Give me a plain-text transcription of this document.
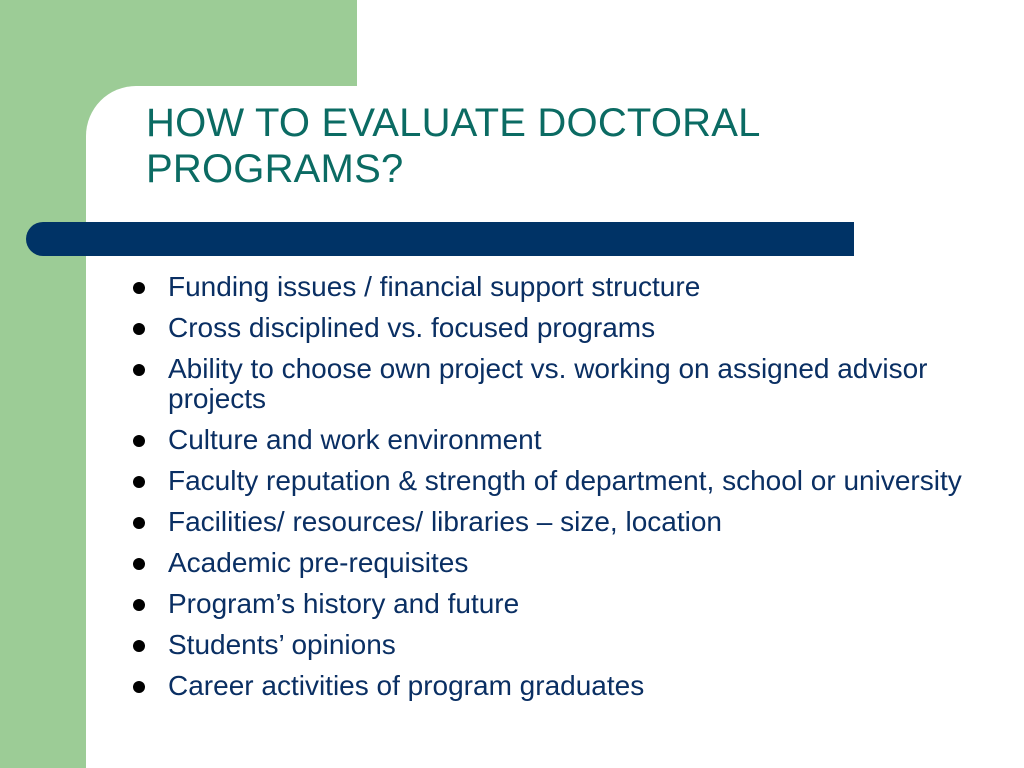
HOW TO EVALUATE DOCTORAL PROGRAMS?
Funding issues / financial support structure
Cross disciplined vs. focused programs
Ability to choose own project vs. working on assigned advisor projects
Culture and work environment
Faculty reputation & strength of department, school or university
Facilities/ resources/ libraries – size, location
Academic pre-requisites
Program’s history and future
Students’ opinions
Career activities of program graduates
